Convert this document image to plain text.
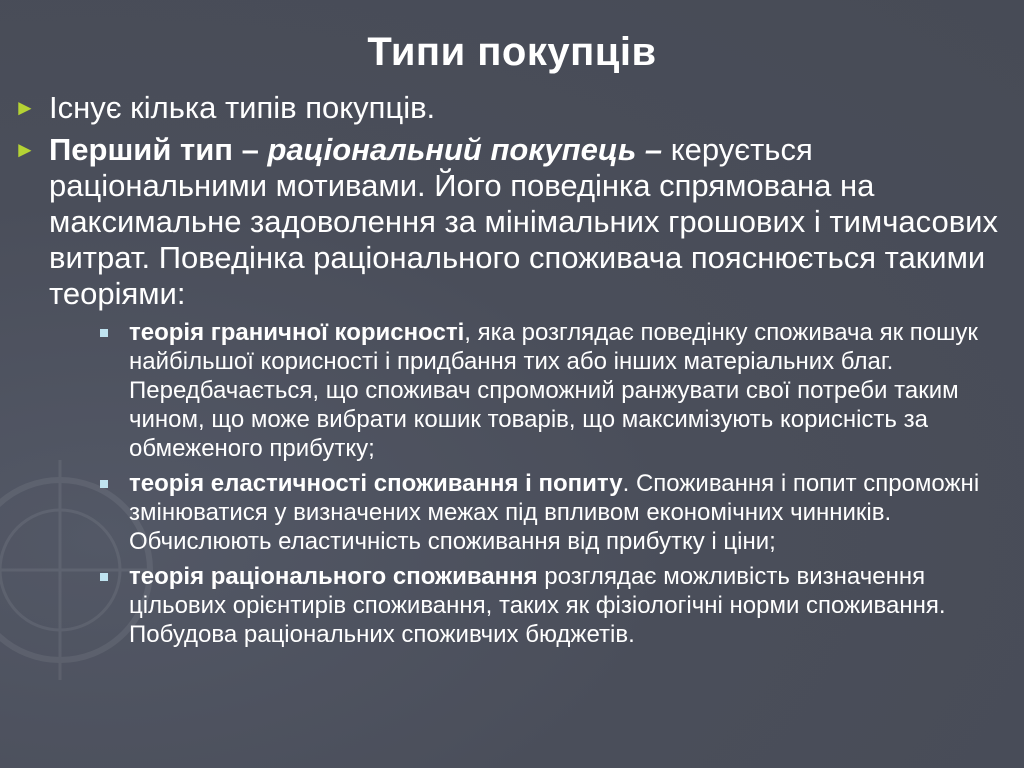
Типи покупців
► Існує кілька типів покупців.
► Перший тип – раціональний покупець – керується раціональними мотивами. Його поведінка спрямована на максимальне задоволення за мінімальних грошових і тимчасових витрат. Поведінка раціонального споживача пояснюється такими теоріями:
теорія граничної корисності, яка розглядає поведінку споживача як пошук найбільшої корисності і придбання тих або інших матеріальних благ. Передбачається, що споживач спроможний ранжувати свої потреби таким чином, що може вибрати кошик товарів, що максимізують корисність за обмеженого прибутку;
теорія еластичності споживання і попиту. Споживання і попит спроможні змінюватися у визначених межах під впливом економічних чинників. Обчислюють еластичність споживання від прибутку і ціни;
теорія раціонального споживання розглядає можливість визначення цільових орієнтирів споживання, таких як фізіологічні норми споживання. Побудова раціональних споживчих бюджетів.
